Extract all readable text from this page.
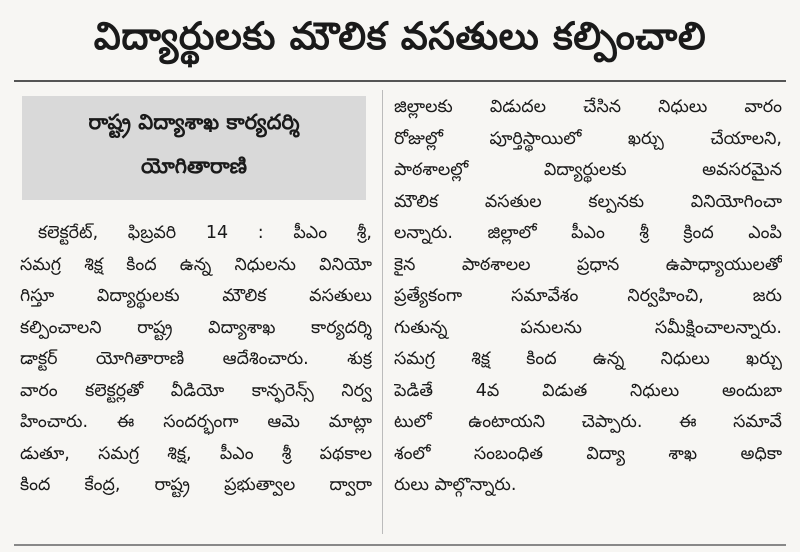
విద్యార్థులకు మౌలిక వసతులు కల్పించాలి
రాష్ట్ర విద్యాశాఖ కార్యదర్శి
యోగితారాణి
కలెక్టరేట్, ఫిబ్రవరి 14 : పీఎం శ్రీ,
సమగ్ర శిక్ష కింద ఉన్న నిధులను వినియో
గిస్తూ విద్యార్థులకు మౌలిక వసతులు
కల్పించాలని రాష్ట్ర విద్యాశాఖ కార్యదర్శి
డాక్టర్ యోగితారాణి ఆదేశించారు. శుక్ర
వారం కలెక్టర్లతో వీడియో కాన్ఫరెన్స్ నిర్వ
హించారు. ఈ సందర్భంగా ఆమె మాట్లా
డుతూ, సమగ్ర శిక్ష, పీఎం శ్రీ పథకాల
కింద కేంద్ర, రాష్ట్ర ప్రభుత్వాల ద్వారా
జిల్లాలకు విడుదల చేసిన నిధులు వారం
రోజుల్లో పూర్తిస్థాయిలో ఖర్చు చేయాలని,
పాఠశాలల్లో విద్యార్థులకు అవసరమైన
మౌలిక వసతుల కల్పనకు వినియోగించా
లన్నారు. జిల్లాలో పీఎం శ్రీ క్రింద ఎంపి
కైన పాఠశాలల ప్రధాన ఉపాధ్యాయులతో
ప్రత్యేకంగా సమావేశం నిర్వహించి, జరు
గుతున్న పనులను సమీక్షించాలన్నారు.
సమగ్ర శిక్ష కింద ఉన్న నిధులు ఖర్చు
పెడితే 4వ విడుత నిధులు అందుబా
టులో ఉంటాయని చెప్పారు. ఈ సమావే
శంలో సంబంధిత విద్యా శాఖ అధికా
రులు పాల్గొన్నారు.
